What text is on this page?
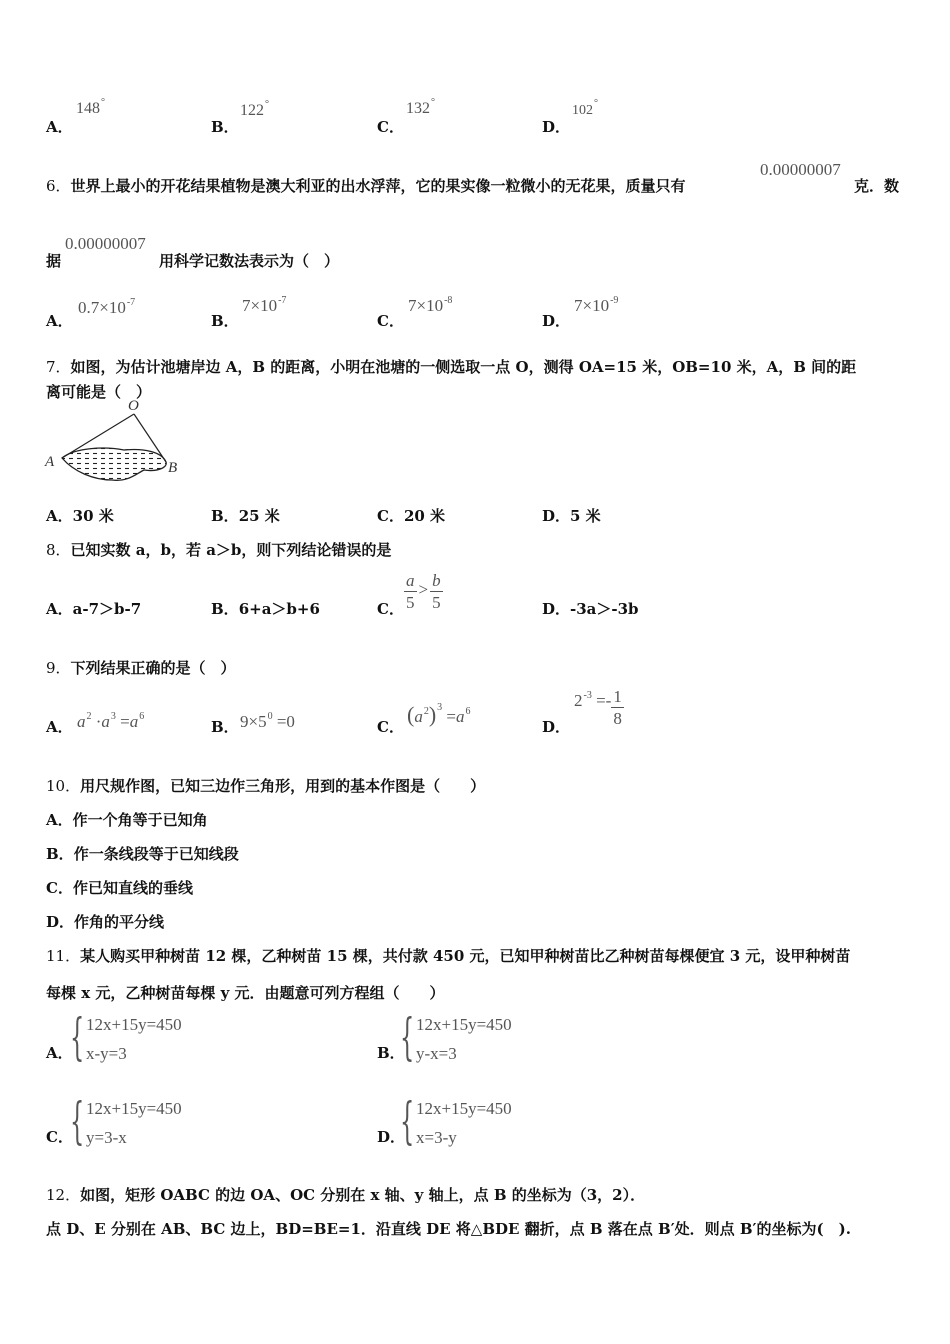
A．
148°
B．
122°
C．
132°
D．
102°
6．世界上最小的开花结果植物是澳大利亚的出水浮萍，它的果实像一粒微小的无花果，质量只有
0.00000007
克．数
据
0.00000007
用科学记数法表示为（　）
A．
$0.7\times 10^{-7}$
B．
$7\times 10^{-7}$
C．
$7\times 10^{-8}$
D．
$7\times 10^{-9}$
7．如图，为估计池塘岸边 A，B 的距离，小明在池塘的一侧选取一点 O，测得 OA=15 米，OB=10 米，A，B 间的距
离可能是（　）
O
A	B
A．30 米	B．25 米	C．20 米	D．5 米
8．已知实数 a，b，若 a＞b，则下列结论错误的是
A．a-7＞b-7	B．6+a＞b+6	C． $\frac{a}{5} > \frac{b}{5}$	D．-3a＞-3b
9．下列结果正确的是（　）
A． $a^2 \cdot a^3 =a^6$
B． $9\times 5^0 =0$	C． $(a^2)^3 =a^6$
D．
$2^{-3} =- \frac{1}{8}$
10．用尺规作图，已知三边作三角形，用到的基本作图是（　　）
A．作一个角等于已知角
B．作一条线段等于已知线段
C．作已知直线的垂线
D．作角的平分线
11．某人购买甲种树苗 12 棵，乙种树苗 15 棵，共付款 450 元，已知甲种树苗比乙种树苗每棵便宜 3 元，设甲种树苗
每棵 x 元，乙种树苗每棵 y 元．由题意可列方程组（　　）
A．
{ 12x+15y=450
x-y=3	B．
{ 12x+15y=450
y-x=3
C．
{ 12x+15y=450
y=3-x	D．
{ 12x+15y=450
x=3-y
12．如图，矩形 OABC 的边 OA、OC 分别在 x 轴、y 轴上，点 B 的坐标为（3，2）．
点 D、E 分别在 AB、BC 边上，BD=BE=1．沿直线 DE 将△BDE 翻折，点 B 落在点 B′处．则点 B′的坐标为(　).
